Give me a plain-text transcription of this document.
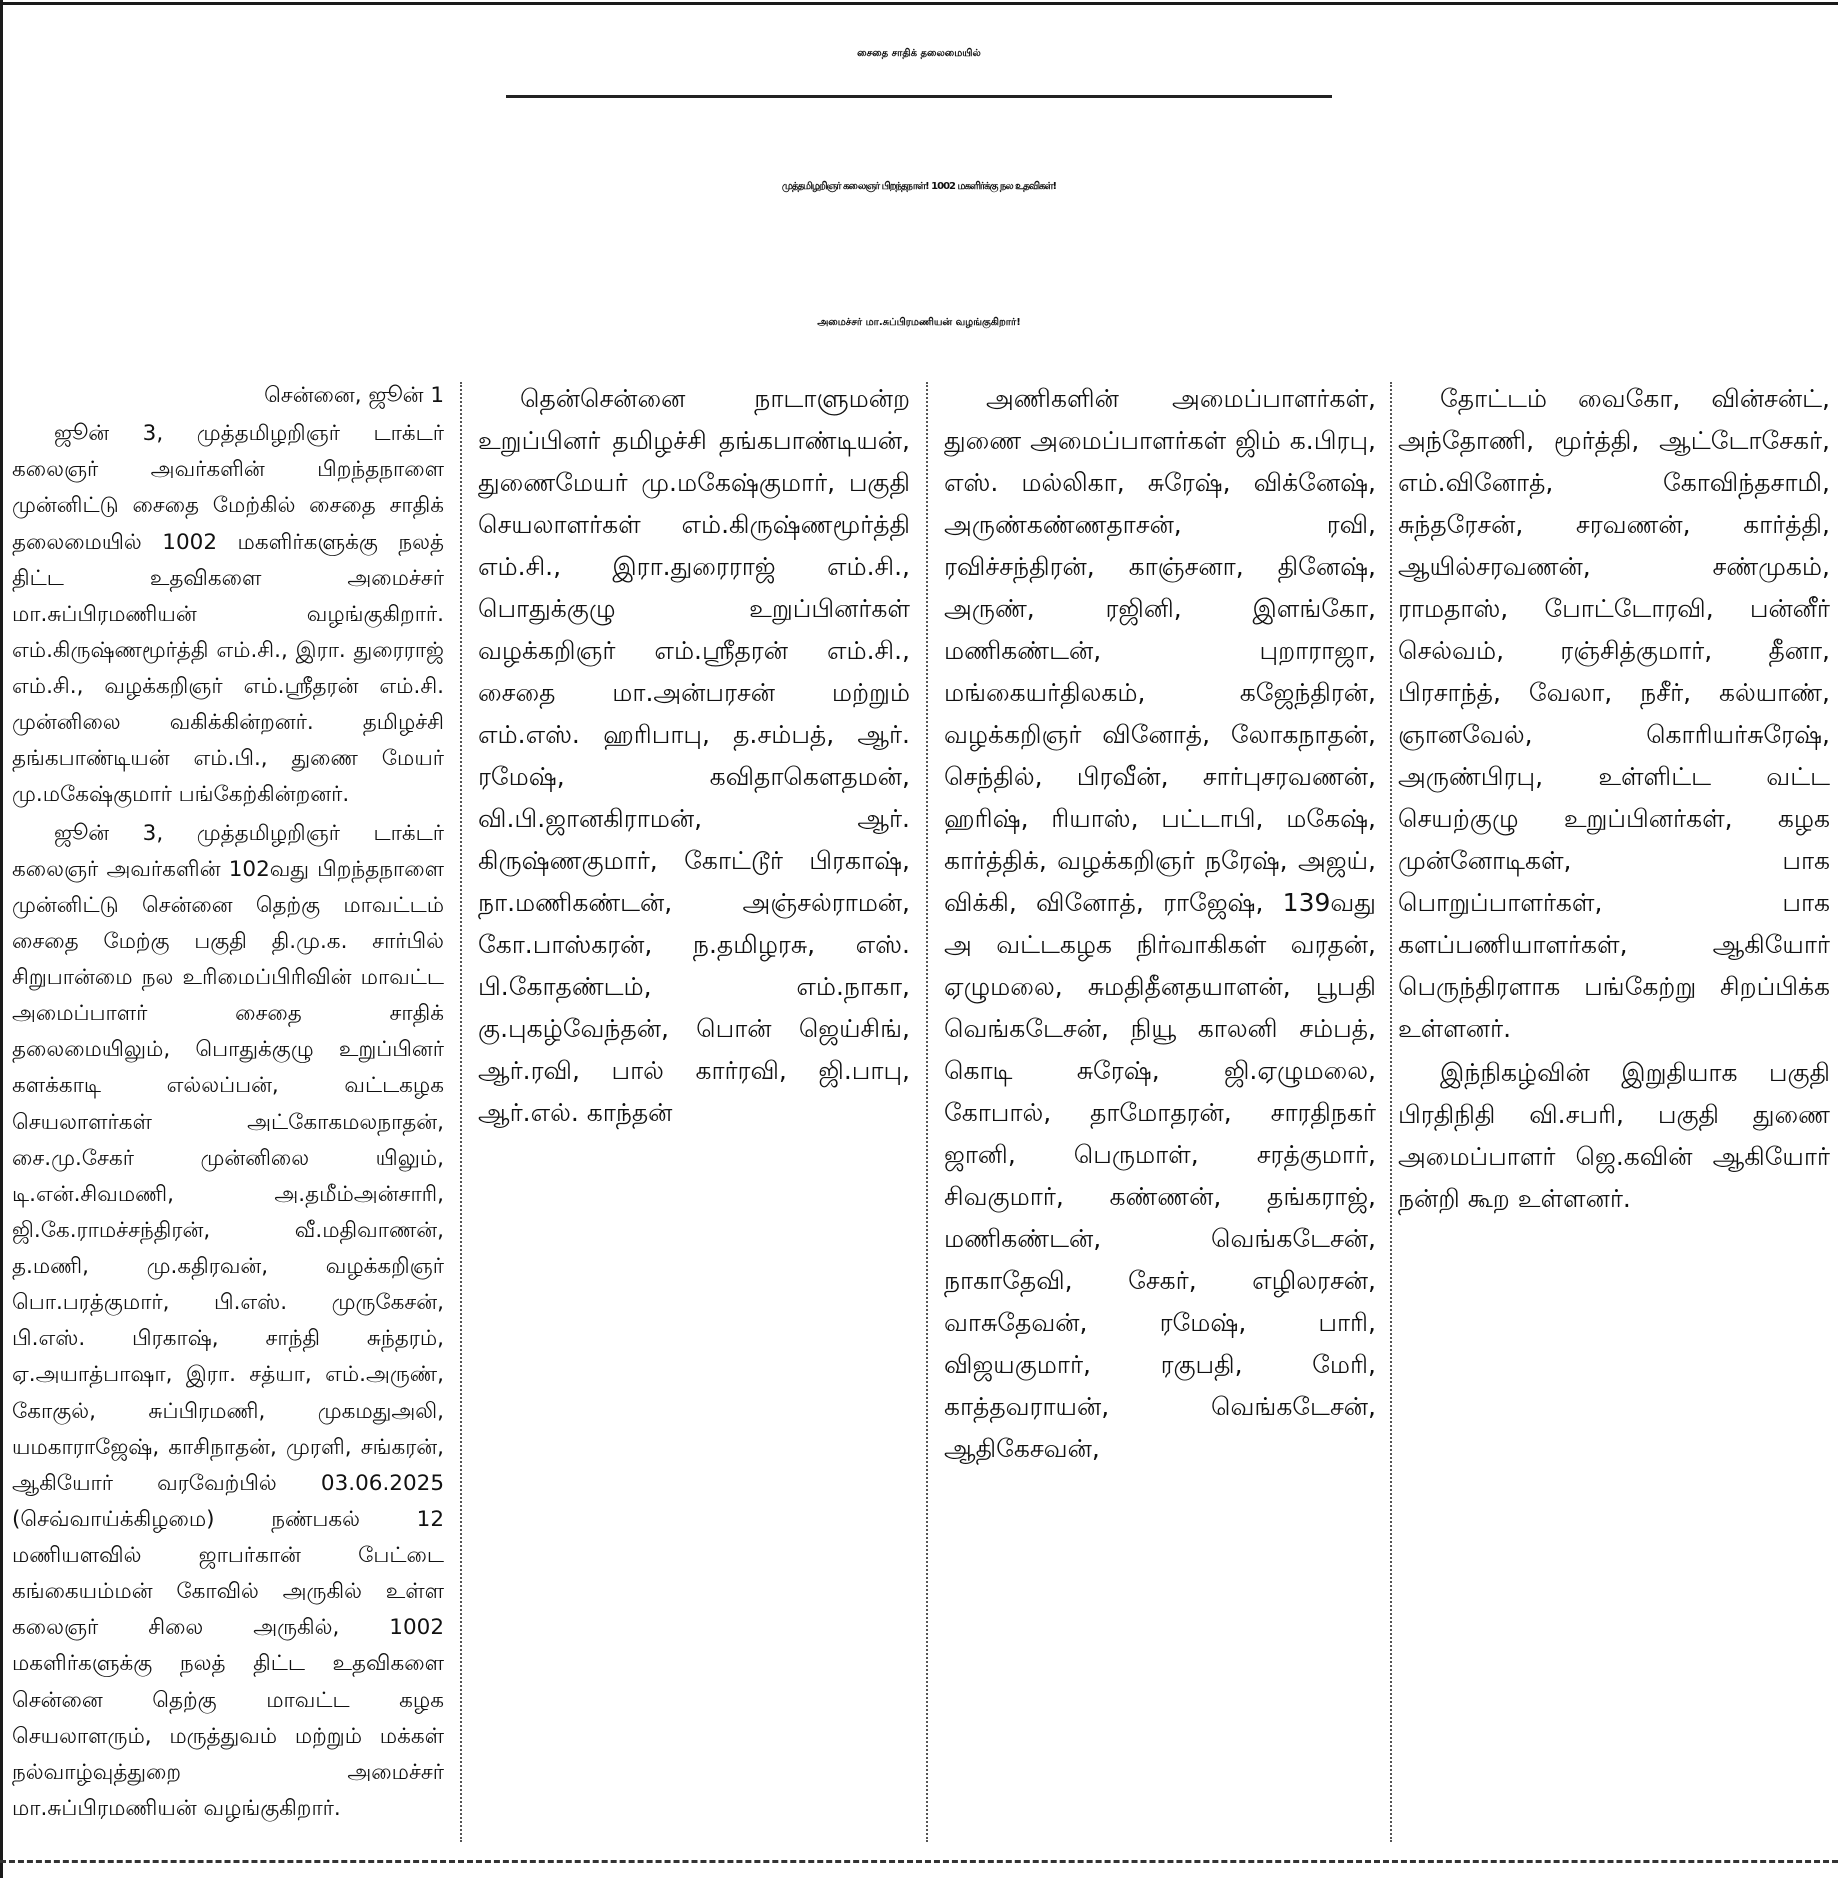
சைதை சாதிக் தலைமையில்
முத்தமிழறிஞர் கலைஞர் பிறந்தநாள்! 1002 மகளிர்க்கு நல உதவிகள்!
அமைச்சர் மா.சுப்பிரமணியன் வழங்குகிறார்!

சென்னை, ஜூன் 1

ஜூன் 3, முத்தமிழறிஞர் டாக்டர் கலைஞர் அவர்களின் பிறந்தநாளை முன்னிட்டு சைதை மேற்கில் சைதை சாதிக் தலைமையில் 1002 மகளிர்களுக்கு நலத் திட்ட உதவிகளை அமைச்சர் மா.சுப்பிரமணியன் வழங்குகிறார். எம்.கிருஷ்ணமூர்த்தி எம்.சி., இரா. துரைராஜ் எம்.சி., வழக்கறிஞர் எம்.ஸ்ரீதரன் எம்.சி. முன்னிலை வகிக்கின்றனர். தமிழச்சி தங்கபாண்டியன் எம்.பி., துணை மேயர் மு.மகேஷ்குமார் பங்கேற்கின்றனர்.

ஜூன் 3, முத்தமிழறிஞர் டாக்டர் கலைஞர் அவர்களின் 102வது பிறந்தநாளை முன்னிட்டு சென்னை தெற்கு மாவட்டம் சைதை மேற்கு பகுதி தி.மு.க. சார்பில் சிறுபான்மை நல உரிமைப்பிரிவின் மாவட்ட அமைப்பாளர் சைதை சாதிக் தலைமையிலும், பொதுக்குழு உறுப்பினர் களக்காடி எல்லப்பன், வட்டகழக செயலாளர்கள் அட்கோகமலநாதன், சை.மு.சேகர் முன்னிலை யிலும், டி.என்.சிவமணி, அ.தமீம்அன்சாரி, ஜி.கே.ராமச்சந்திரன், வீ.மதிவாணன், த.மணி, மு.கதிரவன், வழக்கறிஞர் பொ.பரத்குமார், பி.எஸ். முருகேசன், பி.எஸ். பிரகாஷ், சாந்தி சுந்தரம், ஏ.அயாத்பாஷா, இரா. சத்யா, எம்.அருண், கோகுல், சுப்பிரமணி, முகமதுஅலி, யமகாராஜேஷ், காசிநாதன், முரளி, சங்கரன், ஆகியோர் வரவேற்பில் 03.06.2025 (செவ்வாய்க்கிழமை) நண்பகல் 12 மணியளவில் ஜாபர்கான் பேட்டை கங்கையம்மன் கோவில் அருகில் உள்ள கலைஞர் சிலை அருகில், 1002 மகளிர்களுக்கு நலத் திட்ட உதவிகளை சென்னை தெற்கு மாவட்ட கழக செயலாளரும், மருத்துவம் மற்றும் மக்கள் நல்வாழ்வுத்துறை அமைச்சர் மா.சுப்பிரமணியன் வழங்குகிறார்.

தென்சென்னை நாடாளுமன்ற உறுப்பினர் தமிழச்சி தங்கபாண்டியன், துணைமேயர் மு.மகேஷ்குமார், பகுதி செயலாளர்கள் எம்.கிருஷ்ணமூர்த்தி எம்.சி., இரா.துரைராஜ் எம்.சி., பொதுக்குழு உறுப்பினர்கள் வழக்கறிஞர் எம்.ஸ்ரீதரன் எம்.சி., சைதை மா.அன்பரசன் மற்றும் எம்.எஸ். ஹரிபாபு, த.சம்பத், ஆர். ரமேஷ், கவிதாகௌதமன், வி.பி.ஜானகிராமன், ஆர். கிருஷ்ணகுமார், கோட்டூர் பிரகாஷ், நா.மணிகண்டன், அஞ்சல்ராமன், கோ.பாஸ்கரன், ந.தமிழரசு, எஸ். பி.கோதண்டம், எம்.நாகா, கு.புகழ்வேந்தன், பொன் ஜெய்சிங், ஆர்.ரவி, பால் கார்ரவி, ஜி.பாபு, ஆர்.எல். காந்தன்

அணிகளின் அமைப்பாளர்கள், துணை அமைப்பாளர்கள் ஜிம் க.பிரபு, எஸ். மல்லிகா, சுரேஷ், விக்னேஷ், அருண்கண்ணதாசன், ரவி, ரவிச்சந்திரன், காஞ்சனா, தினேஷ், அருண், ரஜினி, இளங்கோ, மணிகண்டன், புறாராஜா, மங்கையர்திலகம், கஜேந்திரன், வழக்கறிஞர் வினோத், லோகநாதன், செந்தில், பிரவீன், சார்புசரவணன், ஹரிஷ், ரியாஸ், பட்டாபி, மகேஷ், கார்த்திக், வழக்கறிஞர் நரேஷ், அஜய், விக்கி, வினோத், ராஜேஷ், 139வது அ வட்டகழக நிர்வாகிகள் வரதன், ஏழுமலை, சுமதிதீனதயாளன், பூபதி வெங்கடேசன், நியூ காலனி சம்பத், கொடி சுரேஷ், ஜி.ஏழுமலை, கோபால், தாமோதரன், சாரதிநகர் ஜானி, பெருமாள், சரத்குமார், சிவகுமார், கண்ணன், தங்கராஜ், மணிகண்டன், வெங்கடேசன், நாகாதேவி, சேகர், எழிலரசன், வாசுதேவன், ரமேஷ், பாரி, விஜயகுமார், ரகுபதி, மேரி, காத்தவராயன், வெங்கடேசன், ஆதிகேசவன்,

தோட்டம் வைகோ, வின்சன்ட், அந்தோணி, மூர்த்தி, ஆட்டோசேகர், எம்.வினோத், கோவிந்தசாமி, சுந்தரேசன், சரவணன், கார்த்தி, ஆயில்சரவணன், சண்முகம், ராமதாஸ், போட்டோரவி, பன்னீர் செல்வம், ரஞ்சித்குமார், தீனா, பிரசாந்த், வேலா, நசீர், கல்யாண், ஞானவேல், கொரியர்சுரேஷ், அருண்பிரபு, உள்ளிட்ட வட்ட செயற்குழு உறுப்பினர்கள், கழக முன்னோடிகள், பாக பொறுப்பாளர்கள், பாக களப்பணியாளர்கள், ஆகியோர் பெருந்திரளாக பங்கேற்று சிறப்பிக்க உள்ளனர்.

இந்நிகழ்வின் இறுதியாக பகுதி பிரதிநிதி வி.சபரி, பகுதி துணை அமைப்பாளர் ஜெ.கவின் ஆகியோர் நன்றி கூற உள்ளனர்.
